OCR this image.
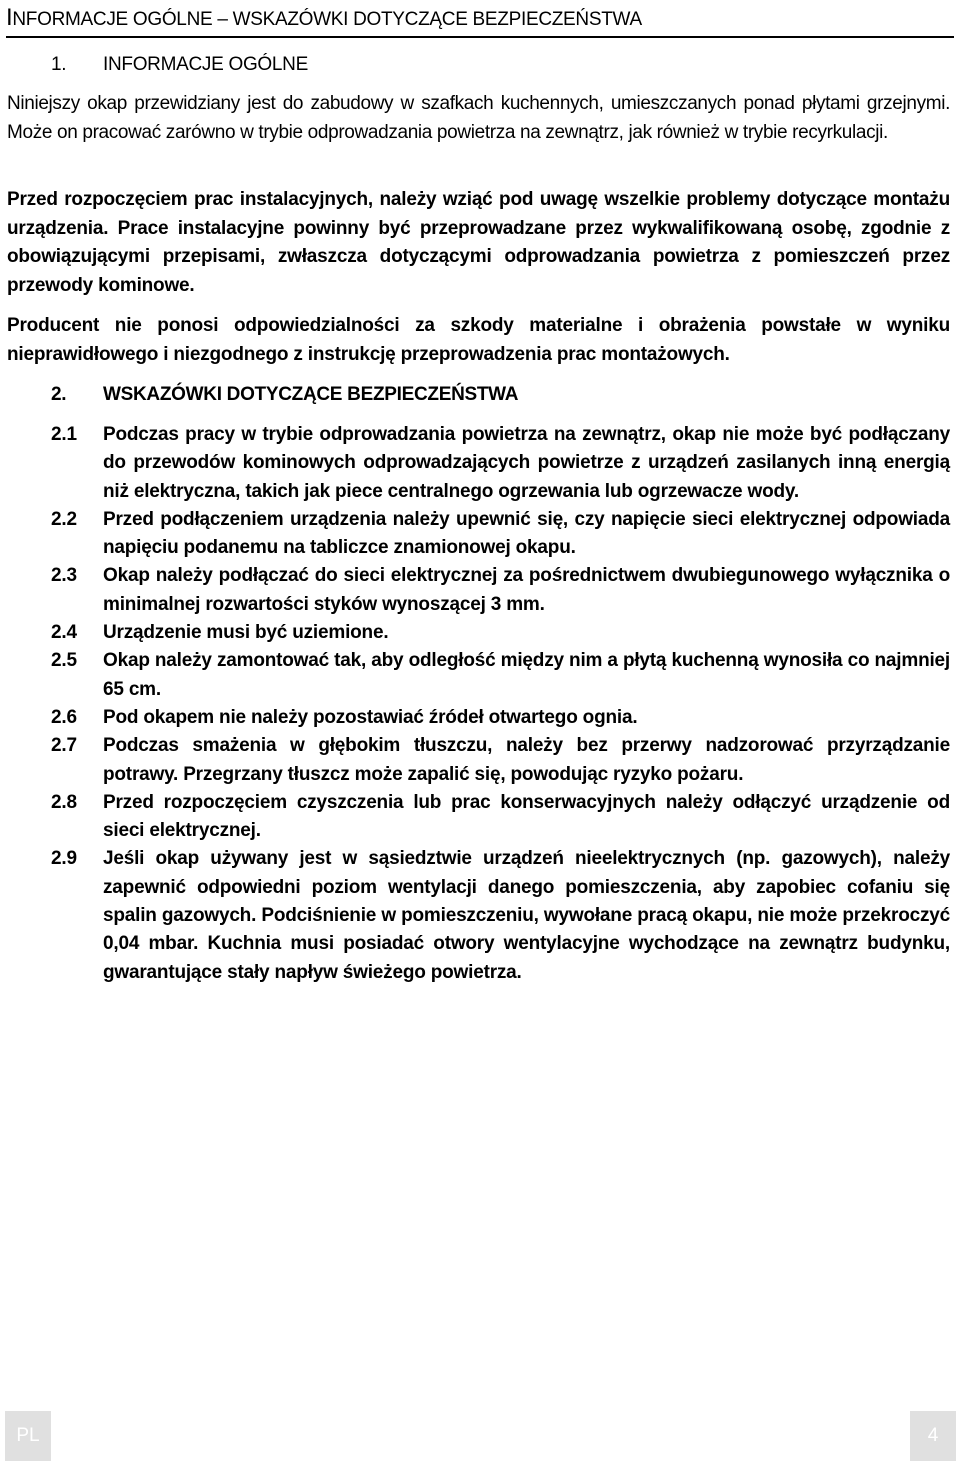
INFORMACJE OGÓLNE – WSKAZÓWKI DOTYCZĄCE BEZPIECZEŃSTWA
1. INFORMACJE OGÓLNE
Niniejszy okap przewidziany jest do zabudowy w szafkach kuchennych, umieszczanych ponad płytami grzejnymi. Może on pracować zarówno w trybie odprowadzania powietrza na zewnątrz, jak również w trybie recyrkulacji.
Przed rozpoczęciem prac instalacyjnych, należy wziąć pod uwagę wszelkie problemy dotyczące montażu urządzenia. Prace instalacyjne powinny być przeprowadzane przez wykwalifikowaną osobę, zgodnie z obowiązującymi przepisami, zwłaszcza dotyczącymi odprowadzania powietrza z pomieszczeń przez przewody kominowe.
Producent nie ponosi odpowiedzialności za szkody materialne i obrażenia powstałe w wyniku nieprawidłowego i niezgodnego z instrukcję przeprowadzenia prac montażowych.
2. WSKAZÓWKI DOTYCZĄCE BEZPIECZEŃSTWA
2.1	Podczas pracy w trybie odprowadzania powietrza na zewnątrz, okap nie może być podłączany do przewodów kominowych odprowadzających powietrze z urządzeń zasilanych inną energią niż elektryczna, takich jak piece centralnego ogrzewania lub ogrzewacze wody.
2.2	Przed podłączeniem urządzenia należy upewnić się, czy napięcie sieci elektrycznej odpowiada napięciu podanemu na tabliczce znamionowej okapu.
2.3	Okap należy podłączać do sieci elektrycznej za pośrednictwem dwubiegunowego wyłącznika o minimalnej rozwartości styków wynoszącej 3 mm.
2.4	Urządzenie musi być uziemione.
2.5	Okap należy zamontować tak, aby odległość między nim a płytą kuchenną wynosiła co najmniej 65 cm.
2.6	Pod okapem nie należy pozostawiać źródeł otwartego ognia.
2.7	Podczas smażenia w głębokim tłuszczu, należy bez przerwy nadzorować przyrządzanie potrawy. Przegrzany tłuszcz może zapalić się, powodując ryzyko pożaru.
2.8	Przed rozpoczęciem czyszczenia lub prac konserwacyjnych należy odłączyć urządzenie od sieci elektrycznej.
2.9	Jeśli okap używany jest w sąsiedztwie urządzeń nieelektrycznych (np. gazowych), należy zapewnić odpowiedni poziom wentylacji danego pomieszczenia, aby zapobiec cofaniu się spalin gazowych. Podciśnienie w pomieszczeniu, wywołane pracą okapu, nie może przekroczyć 0,04 mbar. Kuchnia musi posiadać otwory wentylacyjne wychodzące na zewnątrz budynku, gwarantujące stały napływ świeżego powietrza.
PL	4
